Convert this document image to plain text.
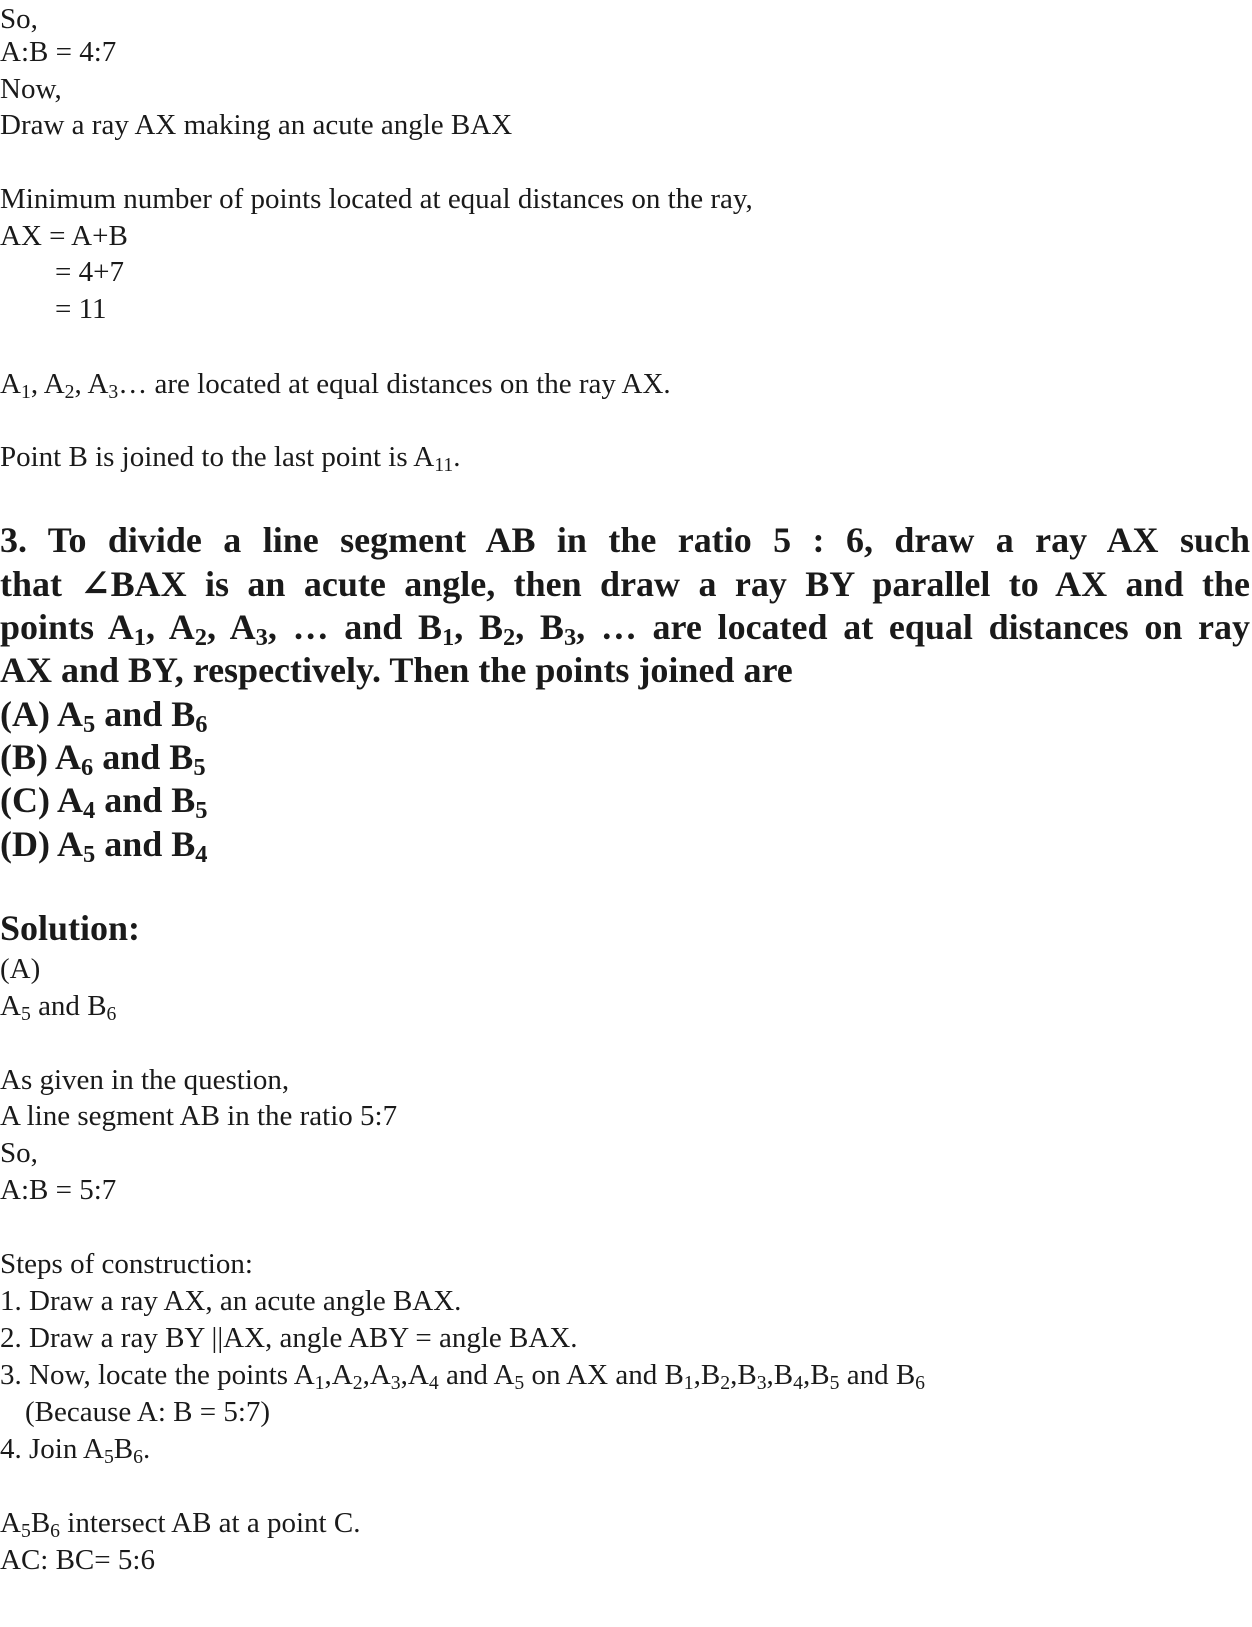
So,
A:B = 4:7
Now,
Draw a ray AX making an acute angle BAX
Minimum number of points located at equal distances on the ray,
AX = A+B
= 4+7
= 11
$A_1$, $A_2$, $A_3\dots$ are located at equal distances on the ray AX.
Point B is joined to the last point is $A_{11}$.
3. To divide a line segment AB in the ratio 5 : 6, draw a ray AX such
that ∠BAX is an acute angle, then draw a ray BY parallel to AX and the
points $A_1$, $A_2$, $A_3$, … and $B_1$, $B_2$, $B_3$, … are located at equal distances on ray
AX and BY, respectively. Then the points joined are
(A) $A_5$ and $B_6$
(B) $A_6$ and $B_5$
(C) $A_4$ and $B_5$
(D) $A_5$ and $B_4$
Solution:
(A)
$A_5$ and $B_6$
As given in the question,
A line segment AB in the ratio 5:7
So,
A:B = 5:7
Steps of construction:
1. Draw a ray AX, an acute angle BAX.
2. Draw a ray BY ||AX, angle ABY = angle BAX.
3. Now, locate the points $A_1,A_2,A_3,A_4$ and $A_5$ on AX and $B_1,B_2,B_3,B_4,B_5$ and $B_6$
(Because A: B = 5:7)
4. Join $A_5B_6$.
$A_5B_6$ intersect AB at a point C.
AC: BC= 5:6
